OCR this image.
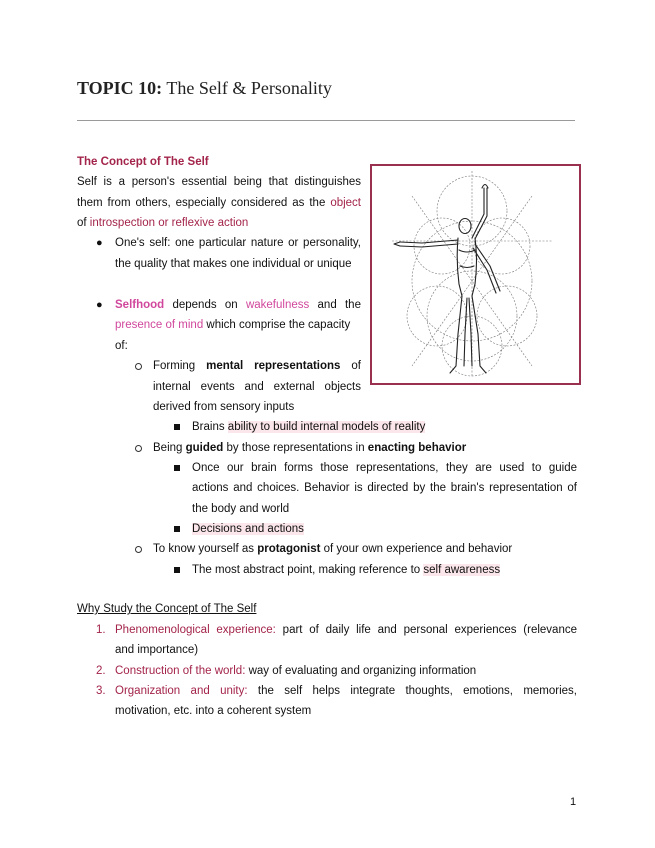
TOPIC 10: The Self & Personality
The Concept of The Self
Self is a person's essential being that distinguishes
them from others, especially considered as the object
of introspection or reflexive action
● One's self: one particular nature or personality,
the quality that makes one individual or unique
● Selfhood depends on wakefulness and the
presence of mind which comprise the capacity
of:
Forming mental representations of
internal events and external objects
derived from sensory inputs
Brains ability to build internal models of reality
Being guided by those representations in enacting behavior
Once our brain forms those representations, they are used to guide
actions and choices. Behavior is directed by the brain's representation of
the body and world
Decisions and actions
To know yourself as protagonist of your own experience and behavior
The most abstract point, making reference to self awareness
Why Study the Concept of The Self
1. Phenomenological experience: part of daily life and personal experiences (relevance
and importance)
2. Construction of the world: way of evaluating and organizing information
3. Organization and unity: the self helps integrate thoughts, emotions, memories,
motivation, etc. into a coherent system
1
